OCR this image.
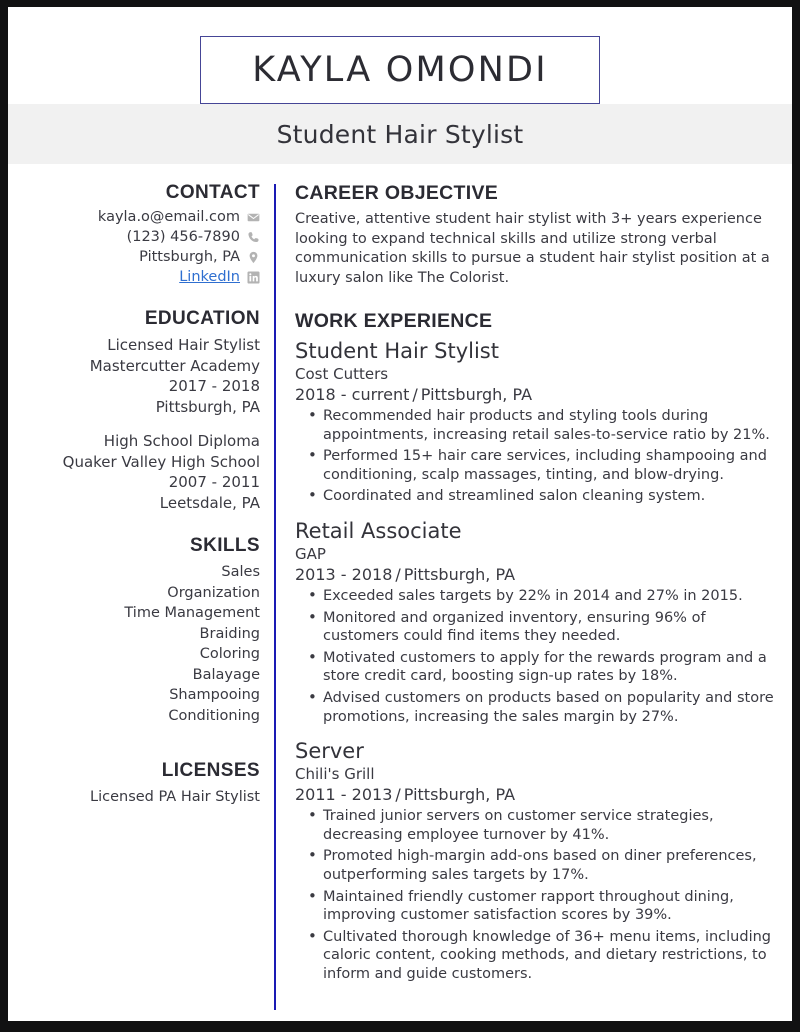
KAYLA OMONDI
Student Hair Stylist
CONTACT
kayla.o@email.com
(123) 456-7890
Pittsburgh, PA
LinkedIn
EDUCATION
Licensed Hair Stylist
Mastercutter Academy
2017 - 2018
Pittsburgh, PA
High School Diploma
Quaker Valley High School
2007 - 2011
Leetsdale, PA
SKILLS
Sales
Organization
Time Management
Braiding
Coloring
Balayage
Shampooing
Conditioning
LICENSES
Licensed PA Hair Stylist
CAREER OBJECTIVE

Creative, attentive student hair stylist with 3+ years experience looking to expand technical skills and utilize strong verbal communication skills to pursue a student hair stylist position at a luxury salon like The Colorist.

WORK EXPERIENCE
Student Hair Stylist
Cost Cutters
2018 - current / Pittsburgh, PA
• Recommended hair products and styling tools during appointments, increasing retail sales-to-service ratio by 21%.
• Performed 15+ hair care services, including shampooing and conditioning, scalp massages, tinting, and blow-drying.
• Coordinated and streamlined salon cleaning system.
Retail Associate
GAP
2013 - 2018 / Pittsburgh, PA
• Exceeded sales targets by 22% in 2014 and 27% in 2015.
• Monitored and organized inventory, ensuring 96% of customers could find items they needed.
• Motivated customers to apply for the rewards program and a store credit card, boosting sign-up rates by 18%.
• Advised customers on products based on popularity and store promotions, increasing the sales margin by 27%.
Server
Chili's Grill
2011 - 2013 / Pittsburgh, PA
• Trained junior servers on customer service strategies, decreasing employee turnover by 41%.
• Promoted high-margin add-ons based on diner preferences, outperforming sales targets by 17%.
• Maintained friendly customer rapport throughout dining, improving customer satisfaction scores by 39%.
• Cultivated thorough knowledge of 36+ menu items, including caloric content, cooking methods, and dietary restrictions, to inform and guide customers.
